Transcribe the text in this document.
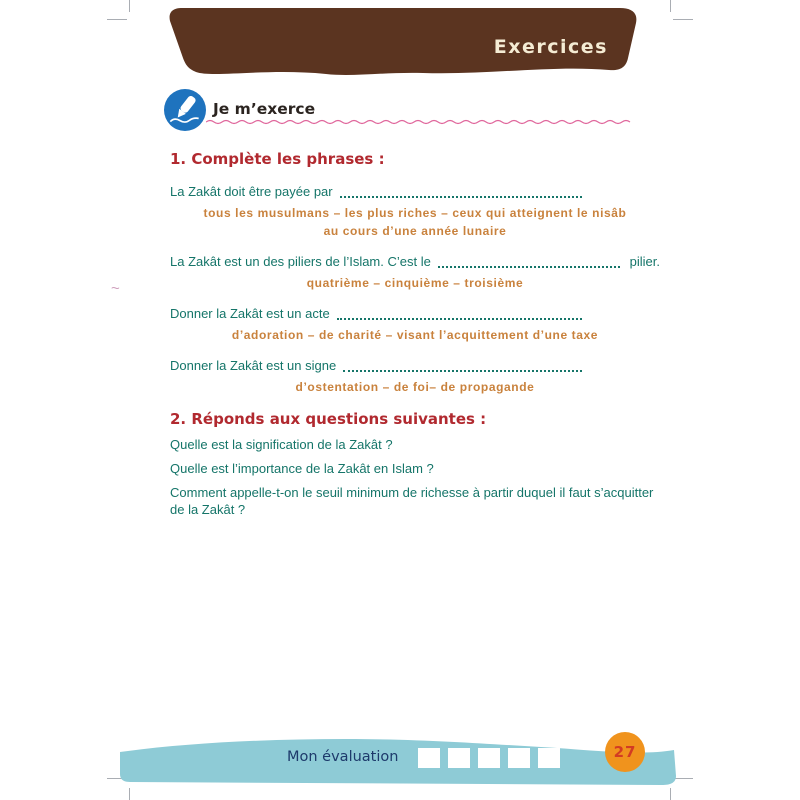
Exercices
Je m’exerce
~
1. Complète les phrases :
La Zakât doit être payée par
tous les musulmans – les plus riches – ceux qui atteignent le nisâb
au cours d’une année lunaire
La Zakât est un des piliers de l’Islam. C’est le	pilier.
quatrième – cinquième – troisième
Donner la Zakât est un acte
d’adoration – de charité – visant l’acquittement d’une taxe
Donner la Zakât est un signe
d’ostentation – de foi– de propagande
2. Réponds aux questions suivantes :

Quelle est la signification de la Zakât ?

Quelle est l’importance de la Zakât en Islam ?

Comment appelle-t-on le seuil minimum de richesse à partir duquel il faut s’acquitter de la Zakât ?

Mon évaluation	27
